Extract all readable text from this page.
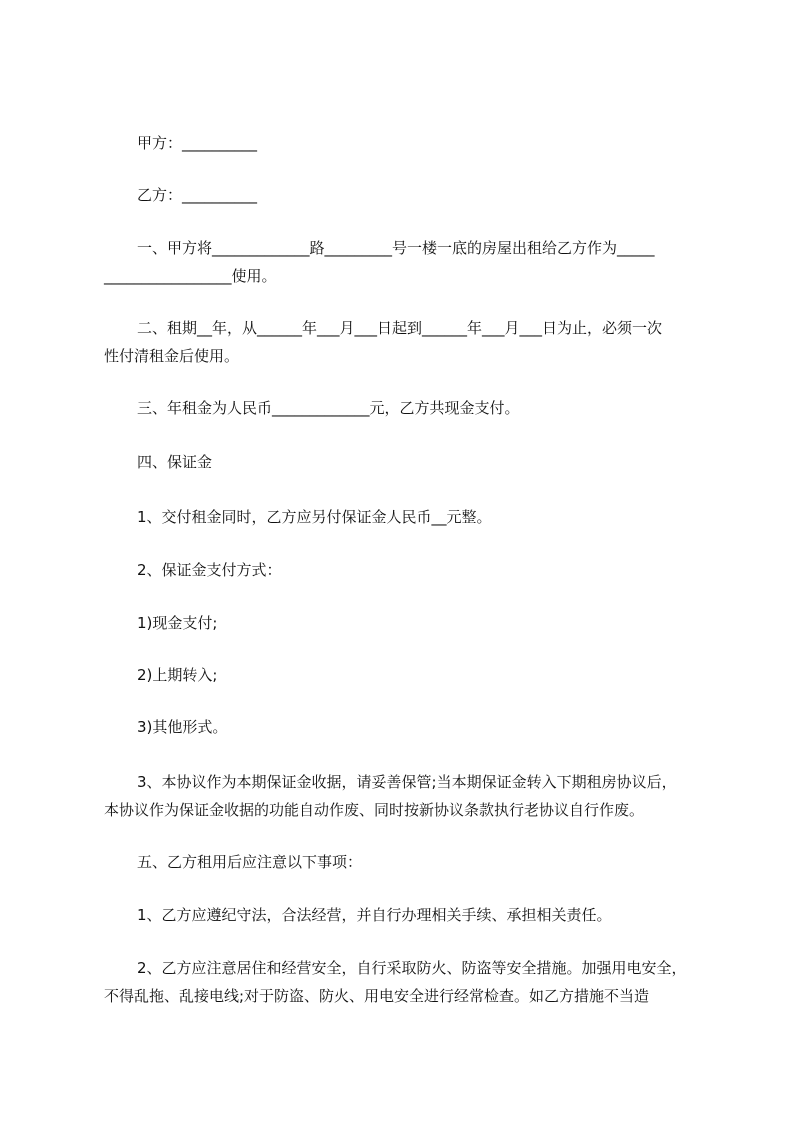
甲方：__________
乙方：__________
一、甲方将_____________路_________号一楼一底的房屋出租给乙方作为_____
_________________使用。
二、租期__年，从______年___月___日起到______年___月___日为止，必须一次
性付清租金后使用。
三、年租金为人民币_____________元，乙方共现金支付。
四、保证金
1、交付租金同时，乙方应另付保证金人民币__元整。
2、保证金支付方式：
1)现金支付;
2)上期转入;
3)其他形式。
3、本协议作为本期保证金收据，请妥善保管;当本期保证金转入下期租房协议后，
本协议作为保证金收据的功能自动作废、同时按新协议条款执行老协议自行作废。
五、乙方租用后应注意以下事项：
1、乙方应遵纪守法，合法经营，并自行办理相关手续、承担相关责任。
2、乙方应注意居住和经营安全，自行采取防火、防盗等安全措施。加强用电安全，
不得乱拖、乱接电线;对于防盗、防火、用电安全进行经常检查。如乙方措施不当造
